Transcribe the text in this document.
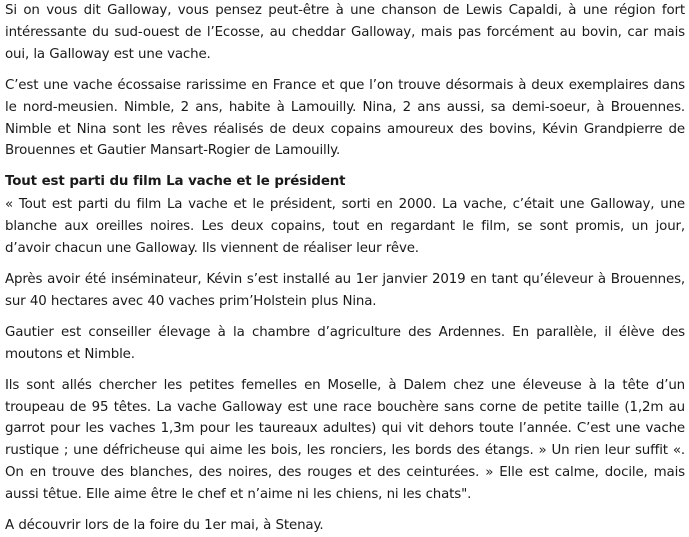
Si on vous dit Galloway, vous pensez peut-être à une chanson de Lewis Capaldi, à une région fort intéressante du sud-ouest de l’Ecosse, au cheddar Galloway, mais pas forcément au bovin, car mais oui, la Galloway est une vache.

C’est une vache écossaise rarissime en France et que l’on trouve désormais à deux exemplaires dans le nord-meusien. Nimble, 2 ans, habite à Lamouilly. Nina, 2 ans aussi, sa demi-soeur, à Brouennes. Nimble et Nina sont les rêves réalisés de deux copains amoureux des bovins, Kévin Grandpierre de Brouennes et Gautier Mansart-Rogier de Lamouilly.

Tout est parti du film La vache et le président

« Tout est parti du film La vache et le président, sorti en 2000. La vache, c’était une Galloway, une blanche aux oreilles noires. Les deux copains, tout en regardant le film, se sont promis, un jour, d’avoir chacun une Galloway. Ils viennent de réaliser leur rêve.

Après avoir été inséminateur, Kévin s’est installé au 1er janvier 2019 en tant qu’éleveur à Brouennes, sur 40 hectares avec 40 vaches prim’Holstein plus Nina.

Gautier est conseiller élevage à la chambre d’agriculture des Ardennes. En parallèle, il élève des moutons et Nimble.

Ils sont allés chercher les petites femelles en Moselle, à Dalem chez une éleveuse à la tête d’un troupeau de 95 têtes. La vache Galloway est une race bouchère sans corne de petite taille (1,2m au garrot pour les vaches 1,3m pour les taureaux adultes) qui vit dehors toute l’année. C’est une vache rustique ; une défricheuse qui aime les bois, les ronciers, les bords des étangs. » Un rien leur suffit «. On en trouve des blanches, des noires, des rouges et des ceinturées. » Elle est calme, docile, mais aussi têtue. Elle aime être le chef et n’aime ni les chiens, ni les chats".

A découvrir lors de la foire du 1er mai, à Stenay.
